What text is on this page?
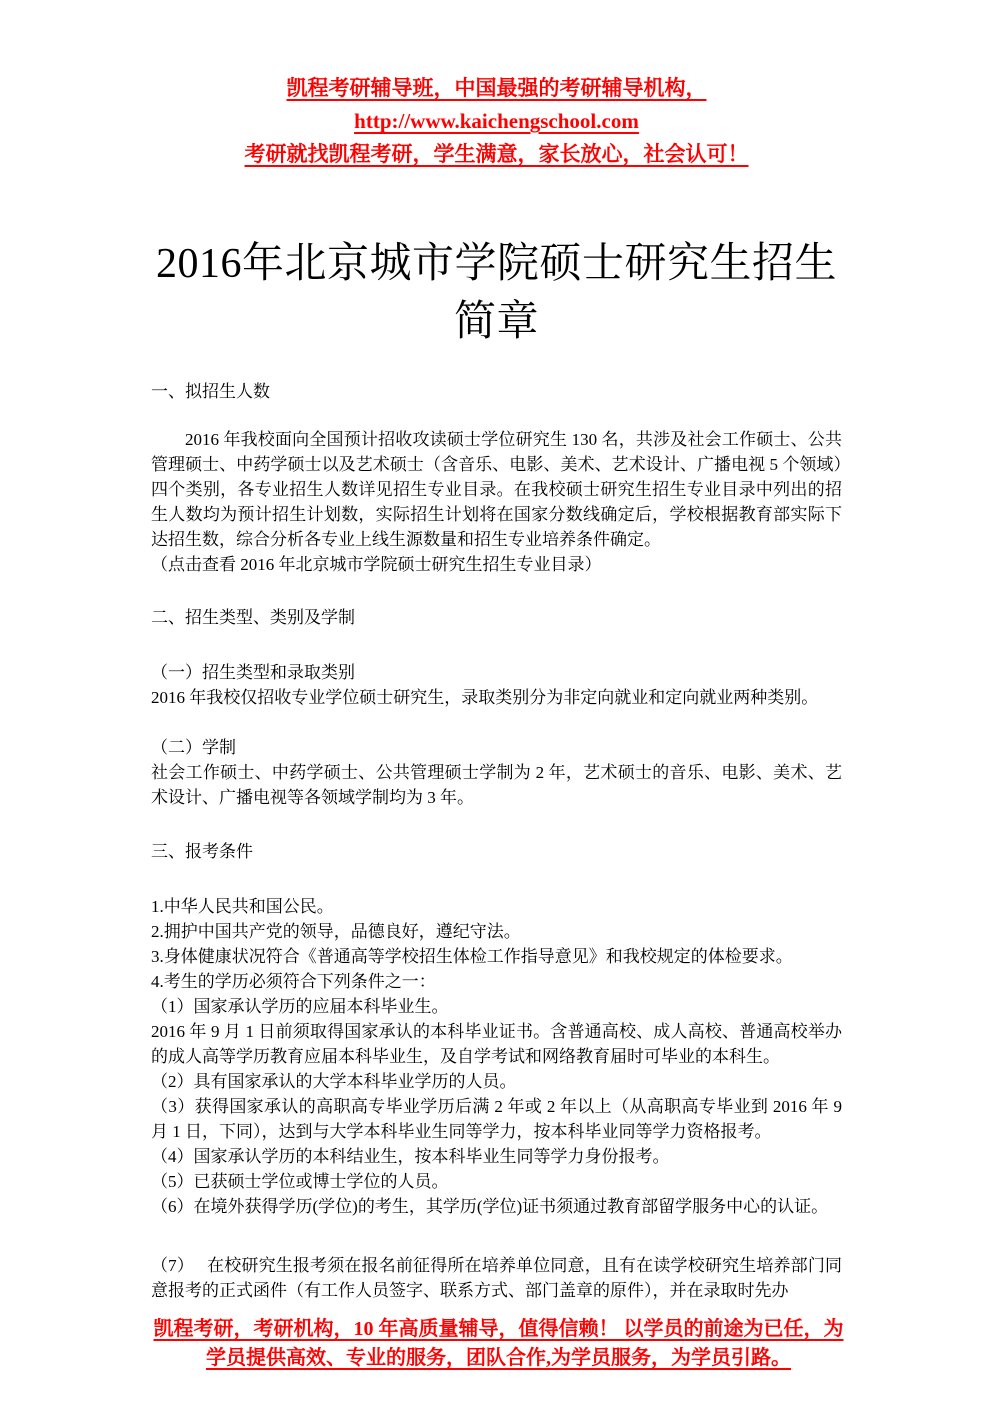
凯程考研辅导班，中国最强的考研辅导机构，http://www.kaichengschool.com
考研就找凯程考研，学生满意，家长放心，社会认可！
2016年北京城市学院硕士研究生招生简章
一、拟招生人数
2016 年我校面向全国预计招收攻读硕士学位研究生 130 名，共涉及社会工作硕士、公共管理硕士、中药学硕士以及艺术硕士（含音乐、电影、美术、艺术设计、广播电视 5 个领域）四个类别，各专业招生人数详见招生专业目录。在我校硕士研究生招生专业目录中列出的招生人数均为预计招生计划数，实际招生计划将在国家分数线确定后，学校根据教育部实际下达招生数，综合分析各专业上线生源数量和招生专业培养条件确定。
（点击查看 2016 年北京城市学院硕士研究生招生专业目录）
二、招生类型、类别及学制
（一）招生类型和录取类别
2016 年我校仅招收专业学位硕士研究生，录取类别分为非定向就业和定向就业两种类别。
（二）学制
社会工作硕士、中药学硕士、公共管理硕士学制为 2 年，艺术硕士的音乐、电影、美术、艺术设计、广播电视等各领域学制均为 3 年。
三、报考条件
1.中华人民共和国公民。
2.拥护中国共产党的领导，品德良好，遵纪守法。
3.身体健康状况符合《普通高等学校招生体检工作指导意见》和我校规定的体检要求。
4.考生的学历必须符合下列条件之一：
（1）国家承认学历的应届本科毕业生。
2016 年 9 月 1 日前须取得国家承认的本科毕业证书。含普通高校、成人高校、普通高校举办的成人高等学历教育应届本科毕业生，及自学考试和网络教育届时可毕业的本科生。
（2）具有国家承认的大学本科毕业学历的人员。
（3）获得国家承认的高职高专毕业学历后满 2 年或 2 年以上（从高职高专毕业到 2016 年 9 月 1 日，下同），达到与大学本科毕业生同等学力，按本科毕业同等学力资格报考。
（4）国家承认学历的本科结业生，按本科毕业生同等学力身份报考。
（5）已获硕士学位或博士学位的人员。
（6）在境外获得学历(学位)的考生，其学历(学位)证书须通过教育部留学服务中心的认证。
（7）　 在校研究生报考须在报名前征得所在培养单位同意，且有在读学校研究生培养部门同意报考的正式函件（有工作人员签字、联系方式、部门盖章的原件），并在录取时先办
凯程考研，考研机构，10 年高质量辅导，值得信赖！ 以学员的前途为已任，为学员提供高效、专业的服务，团队合作,为学员服务，为学员引路。
